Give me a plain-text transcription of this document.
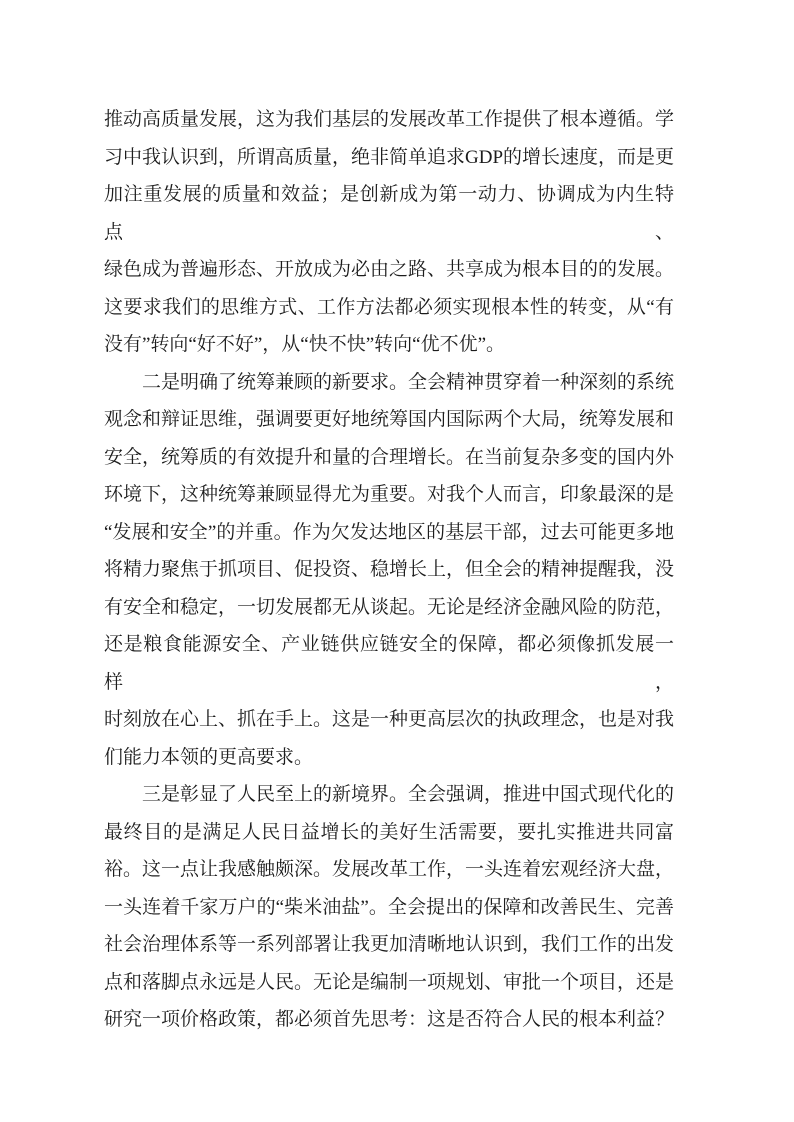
推动高质量发展，这为我们基层的发展改革工作提供了根本遵循。学
习中我认识到，所谓高质量，绝非简单追求GDP的增长速度，而是更
加注重发展的质量和效益；是创新成为第一动力、协调成为内生特点、
绿色成为普遍形态、开放成为必由之路、共享成为根本目的的发展。
这要求我们的思维方式、工作方法都必须实现根本性的转变，从“有
没有”转向“好不好”，从“快不快”转向“优不优”。
二是明确了统筹兼顾的新要求。全会精神贯穿着一种深刻的系统
观念和辩证思维，强调要更好地统筹国内国际两个大局，统筹发展和
安全，统筹质的有效提升和量的合理增长。在当前复杂多变的国内外
环境下，这种统筹兼顾显得尤为重要。对我个人而言，印象最深的是
“发展和安全”的并重。作为欠发达地区的基层干部，过去可能更多地
将精力聚焦于抓项目、促投资、稳增长上，但全会的精神提醒我，没
有安全和稳定，一切发展都无从谈起。无论是经济金融风险的防范，
还是粮食能源安全、产业链供应链安全的保障，都必须像抓发展一样，
时刻放在心上、抓在手上。这是一种更高层次的执政理念，也是对我
们能力本领的更高要求。
三是彰显了人民至上的新境界。全会强调，推进中国式现代化的
最终目的是满足人民日益增长的美好生活需要，要扎实推进共同富
裕。这一点让我感触颇深。发展改革工作，一头连着宏观经济大盘，
一头连着千家万户的“柴米油盐”。全会提出的保障和改善民生、完善
社会治理体系等一系列部署让我更加清晰地认识到，我们工作的出发
点和落脚点永远是人民。无论是编制一项规划、审批一个项目，还是
研究一项价格政策，都必须首先思考：这是否符合人民的根本利益？
